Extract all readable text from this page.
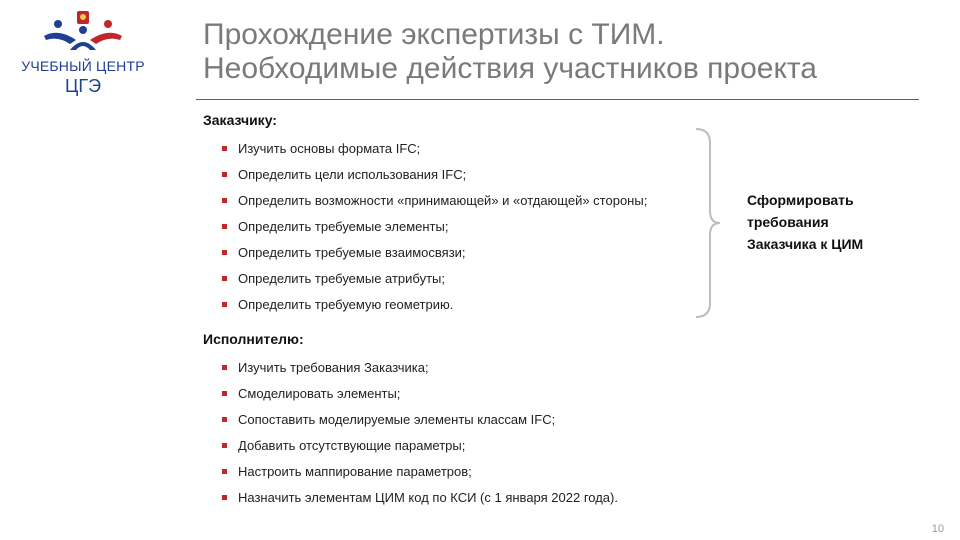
УЧЕБНЫЙ ЦЕНТР
ЦГЭ
Прохождение экспертизы с ТИМ.
Необходимые действия участников проекта
Заказчику:
Изучить основы формата IFC;
Определить цели использования IFC;
Определить возможности «принимающей» и «отдающей» стороны;
Определить требуемые элементы;
Определить требуемые взаимосвязи;
Определить требуемые атрибуты;
Определить требуемую геометрию.
Сформировать
требования
Заказчика к ЦИМ
Исполнителю:
Изучить требования Заказчика;
Смоделировать элементы;
Сопоставить моделируемые элементы классам IFC;
Добавить отсутствующие параметры;
Настроить маппирование параметров;
Назначить элементам ЦИМ код по КСИ (с 1 января 2022 года).
10
